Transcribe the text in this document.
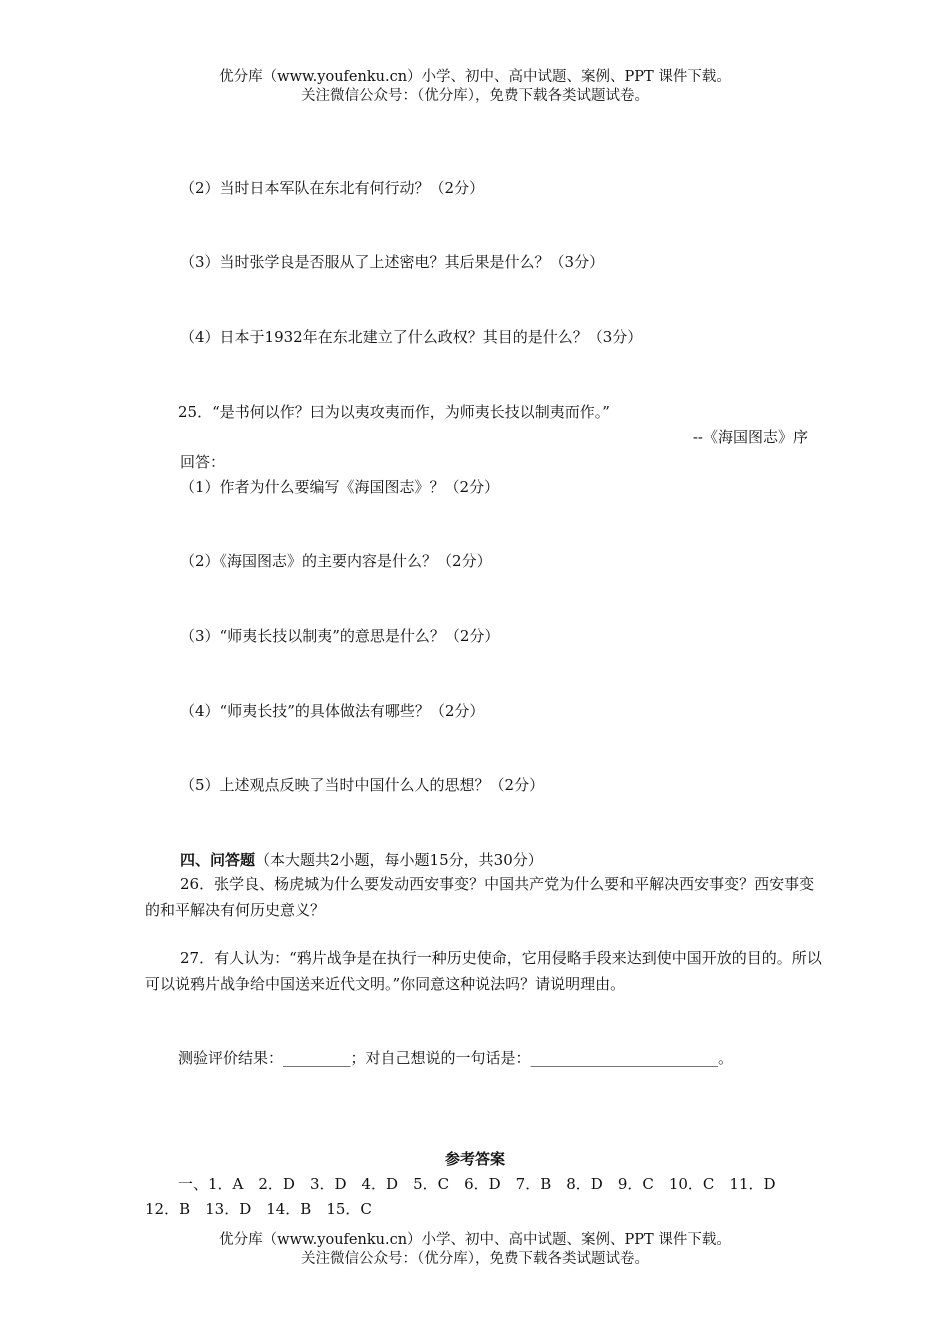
优分库（www.youfenku.cn）小学、初中、高中试题、案例、PPT 课件下载。
关注微信公众号：（优分库），免费下载各类试题试卷。
（2）当时日本军队在东北有何行动？（2分）
（3）当时张学良是否服从了上述密电？其后果是什么？（3分）
（4）日本于1932年在东北建立了什么政权？其目的是什么？（3分）
25．“是书何以作？曰为以夷攻夷而作，为师夷长技以制夷而作。”
--《海国图志》序
回答：
（1）作者为什么要编写《海国图志》？（2分）
（2）《海国图志》的主要内容是什么？（2分）
（3）“师夷长技以制夷”的意思是什么？（2分）
（4）“师夷长技”的具体做法有哪些？（2分）
（5）上述观点反映了当时中国什么人的思想？（2分）
四、问答题（本大题共2小题，每小题15分，共30分）
26．张学良、杨虎城为什么要发动西安事变？中国共产党为什么要和平解决西安事变？西安事变的和平解决有何历史意义？
27．有人认为：“鸦片战争是在执行一种历史使命，它用侵略手段来达到使中国开放的目的。所以可以说鸦片战争给中国送来近代文明。”你同意这种说法吗？请说明理由。
测验评价结果：_________；对自己想说的一句话是：_________________________。
参考答案
一、1．A　2．D　3．D　4．D　5．C　6．D　7．B　8．D　9．C　10．C　11．D
12．B　13．D　14．B　15．C
优分库（www.youfenku.cn）小学、初中、高中试题、案例、PPT 课件下载。
关注微信公众号：（优分库），免费下载各类试题试卷。
